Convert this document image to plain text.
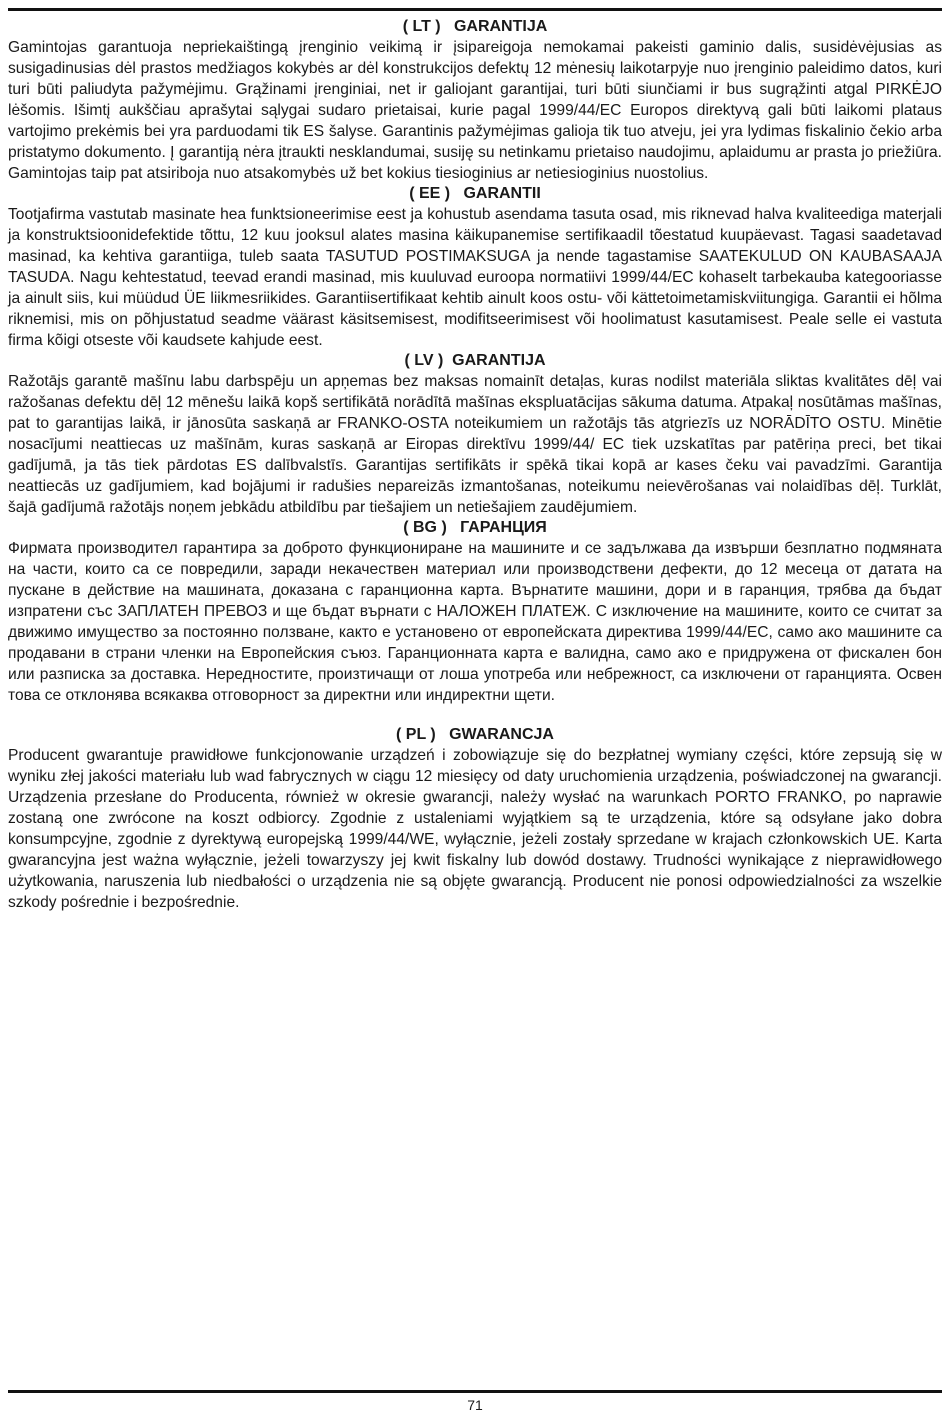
( LT )   GARANTIJA

Gamintojas garantuoja nepriekaištingą įrenginio veikimą ir įsipareigoja nemokamai pakeisti gaminio dalis, susidėvėjusias as susigadinusias dėl prastos medžiagos kokybės ar dėl konstrukcijos defektų 12 mėnesių laikotarpyje nuo įrenginio paleidimo datos, kuri turi būti paliudyta pažymėjimu. Grąžinami įrenginiai, net ir galiojant garantijai, turi būti siunčiami ir bus sugrąžinti atgal PIRKĖJO lėšomis. Išimtį aukščiau aprašytai sąlygai sudaro prietaisai, kurie pagal 1999/44/EC Europos direktyvą gali būti laikomi plataus vartojimo prekėmis bei yra parduodami tik ES šalyse. Garantinis pažymėjimas galioja tik tuo atveju, jei yra lydimas fiskalinio čekio arba pristatymo dokumento. Į garantiją nėra įtraukti nesklandumai, susiję su netinkamu prietaiso naudojimu, aplaidumu ar prasta jo priežiūra. Gamintojas taip pat atsiriboja nuo atsakomybės už bet kokius tiesioginius ar netiesioginius nuostolius.

( EE )   GARANTII

Tootjafirma vastutab masinate hea funktsioneerimise eest ja kohustub asendama tasuta osad, mis riknevad halva kvaliteediga materjali ja konstruktsioonidefektide tõttu, 12 kuu jooksul alates masina käikupanemise sertifikaadil tõestatud kuupäevast. Tagasi saadetavad masinad, ka kehtiva garantiiga, tuleb saata TASUTUD POSTIMAKSUGA ja nende tagastamise SAATEKULUD ON KAUBASAAJA TASUDA. Nagu kehtestatud, teevad erandi masinad, mis kuuluvad euroopa normatiivi 1999/44/EC kohaselt tarbekauba kategooriasse ja ainult siis, kui müüdud ÜE liikmesriikides. Garantiisertifikaat kehtib ainult koos ostu- või kättetoimetamiskviitungiga. Garantii ei hõlma riknemisi, mis on põhjustatud seadme väärast käsitsemisest, modifitseerimisest või hoolimatust kasutamisest. Peale selle ei vastuta firma kõigi otseste või kaudsete kahjude eest.

( LV )  GARANTIJA

Ražotājs garantē mašīnu labu darbspēju un apņemas bez maksas nomainīt detaļas, kuras nodilst materiāla sliktas kvalitātes dēļ vai ražošanas defektu dēļ 12 mēnešu laikā kopš sertifikātā norādītā mašīnas ekspluatācijas sākuma datuma. Atpakaļ nosūtāmas mašīnas, pat to garantijas laikā, ir jānosūta saskaņā ar FRANKO-OSTA noteikumiem un ražotājs tās atgriezīs uz NORĀDĪTO OSTU. Minētie nosacījumi neattiecas uz mašīnām, kuras saskaņā ar Eiropas direktīvu 1999/44/ EC tiek uzskatītas par patēriņa preci, bet tikai gadījumā, ja tās tiek pārdotas ES dalībvalstīs. Garantijas sertifikāts ir spēkā tikai kopā ar kases čeku vai pavadzīmi. Garantija neattiecās uz gadījumiem, kad bojājumi ir radušies nepareizās izmantošanas, noteikumu neievērošanas vai nolaidības dēļ. Turklāt, šajā gadījumā ražotājs noņem jebkādu atbildību par tiešajiem un netiešajiem zaudējumiem.

( BG )   ГАРАНЦИЯ

Фирмата производител гарантира за доброто функциониране на машините и се задължава да извърши безплатно подмяната на части, които са се повредили, заради некачествен материал или производствени дефекти, до 12 месеца от датата на пускане в действие на машината, доказана с гаранционна карта. Върнатите машини, дори и в гаранция, трябва да бъдат изпратени със ЗАПЛАТЕН ПРЕВОЗ и ще бъдат върнати с НАЛОЖЕН ПЛАТЕЖ. С изключение на машините, които се считат за движимо имущество за постоянно ползване, както е установено от европейската директива 1999/44/EC, само ако машините са продавани в страни членки на Европейския съюз. Гаранционната карта е валидна, само ако е придружена от фискален бон или разписка за доставка. Нередностите, произтичащи от лоша употреба или небрежност, са изключени от гаранцията. Освен това се отклонява всякаква отговорност за директни или индиректни щети.

( PL )   GWARANCJA

Producent gwarantuje prawidłowe funkcjonowanie urządzeń i zobowiązuje się do bezpłatnej wymiany części, które zepsują się w wyniku złej jakości materiału lub wad fabrycznych w ciągu 12 miesięcy od daty uruchomienia urządzenia, poświadczonej na gwarancji. Urządzenia przesłane do Producenta, również w okresie gwarancji, należy wysłać na warunkach PORTO FRANKO, po naprawie zostaną one zwrócone na koszt odbiorcy. Zgodnie z ustaleniami wyjątkiem są te urządzenia, które są odsyłane jako dobra konsumpcyjne, zgodnie z dyrektywą europejską 1999/44/WE, wyłącznie, jeżeli zostały sprzedane w krajach członkowskich UE. Karta gwarancyjna jest ważna wyłącznie, jeżeli towarzyszy jej kwit fiskalny lub dowód dostawy. Trudności wynikające z nieprawidłowego użytkowania, naruszenia lub niedbałości o urządzenia nie są objęte gwarancją. Producent nie ponosi odpowiedzialności za wszelkie szkody pośrednie i bezpośrednie.

71
